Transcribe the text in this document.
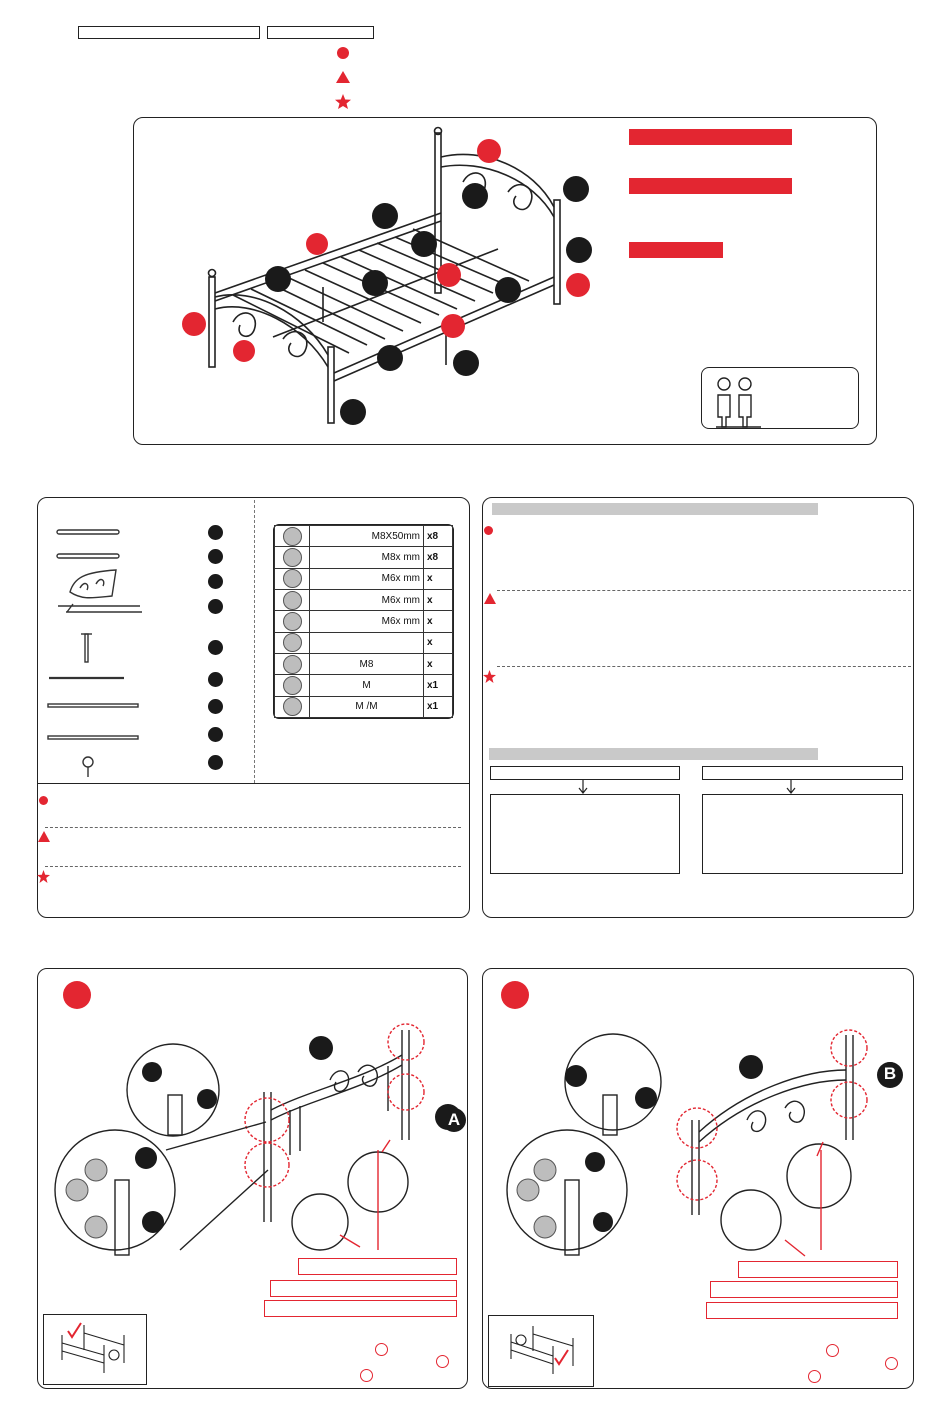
	M8X50mm	x8

	M8x mm	x8

	M6x mm	x

	M6x mm	x

	M6x mm	x

		x

	M8	x

	M	x1

	M /M	x1
A
B
